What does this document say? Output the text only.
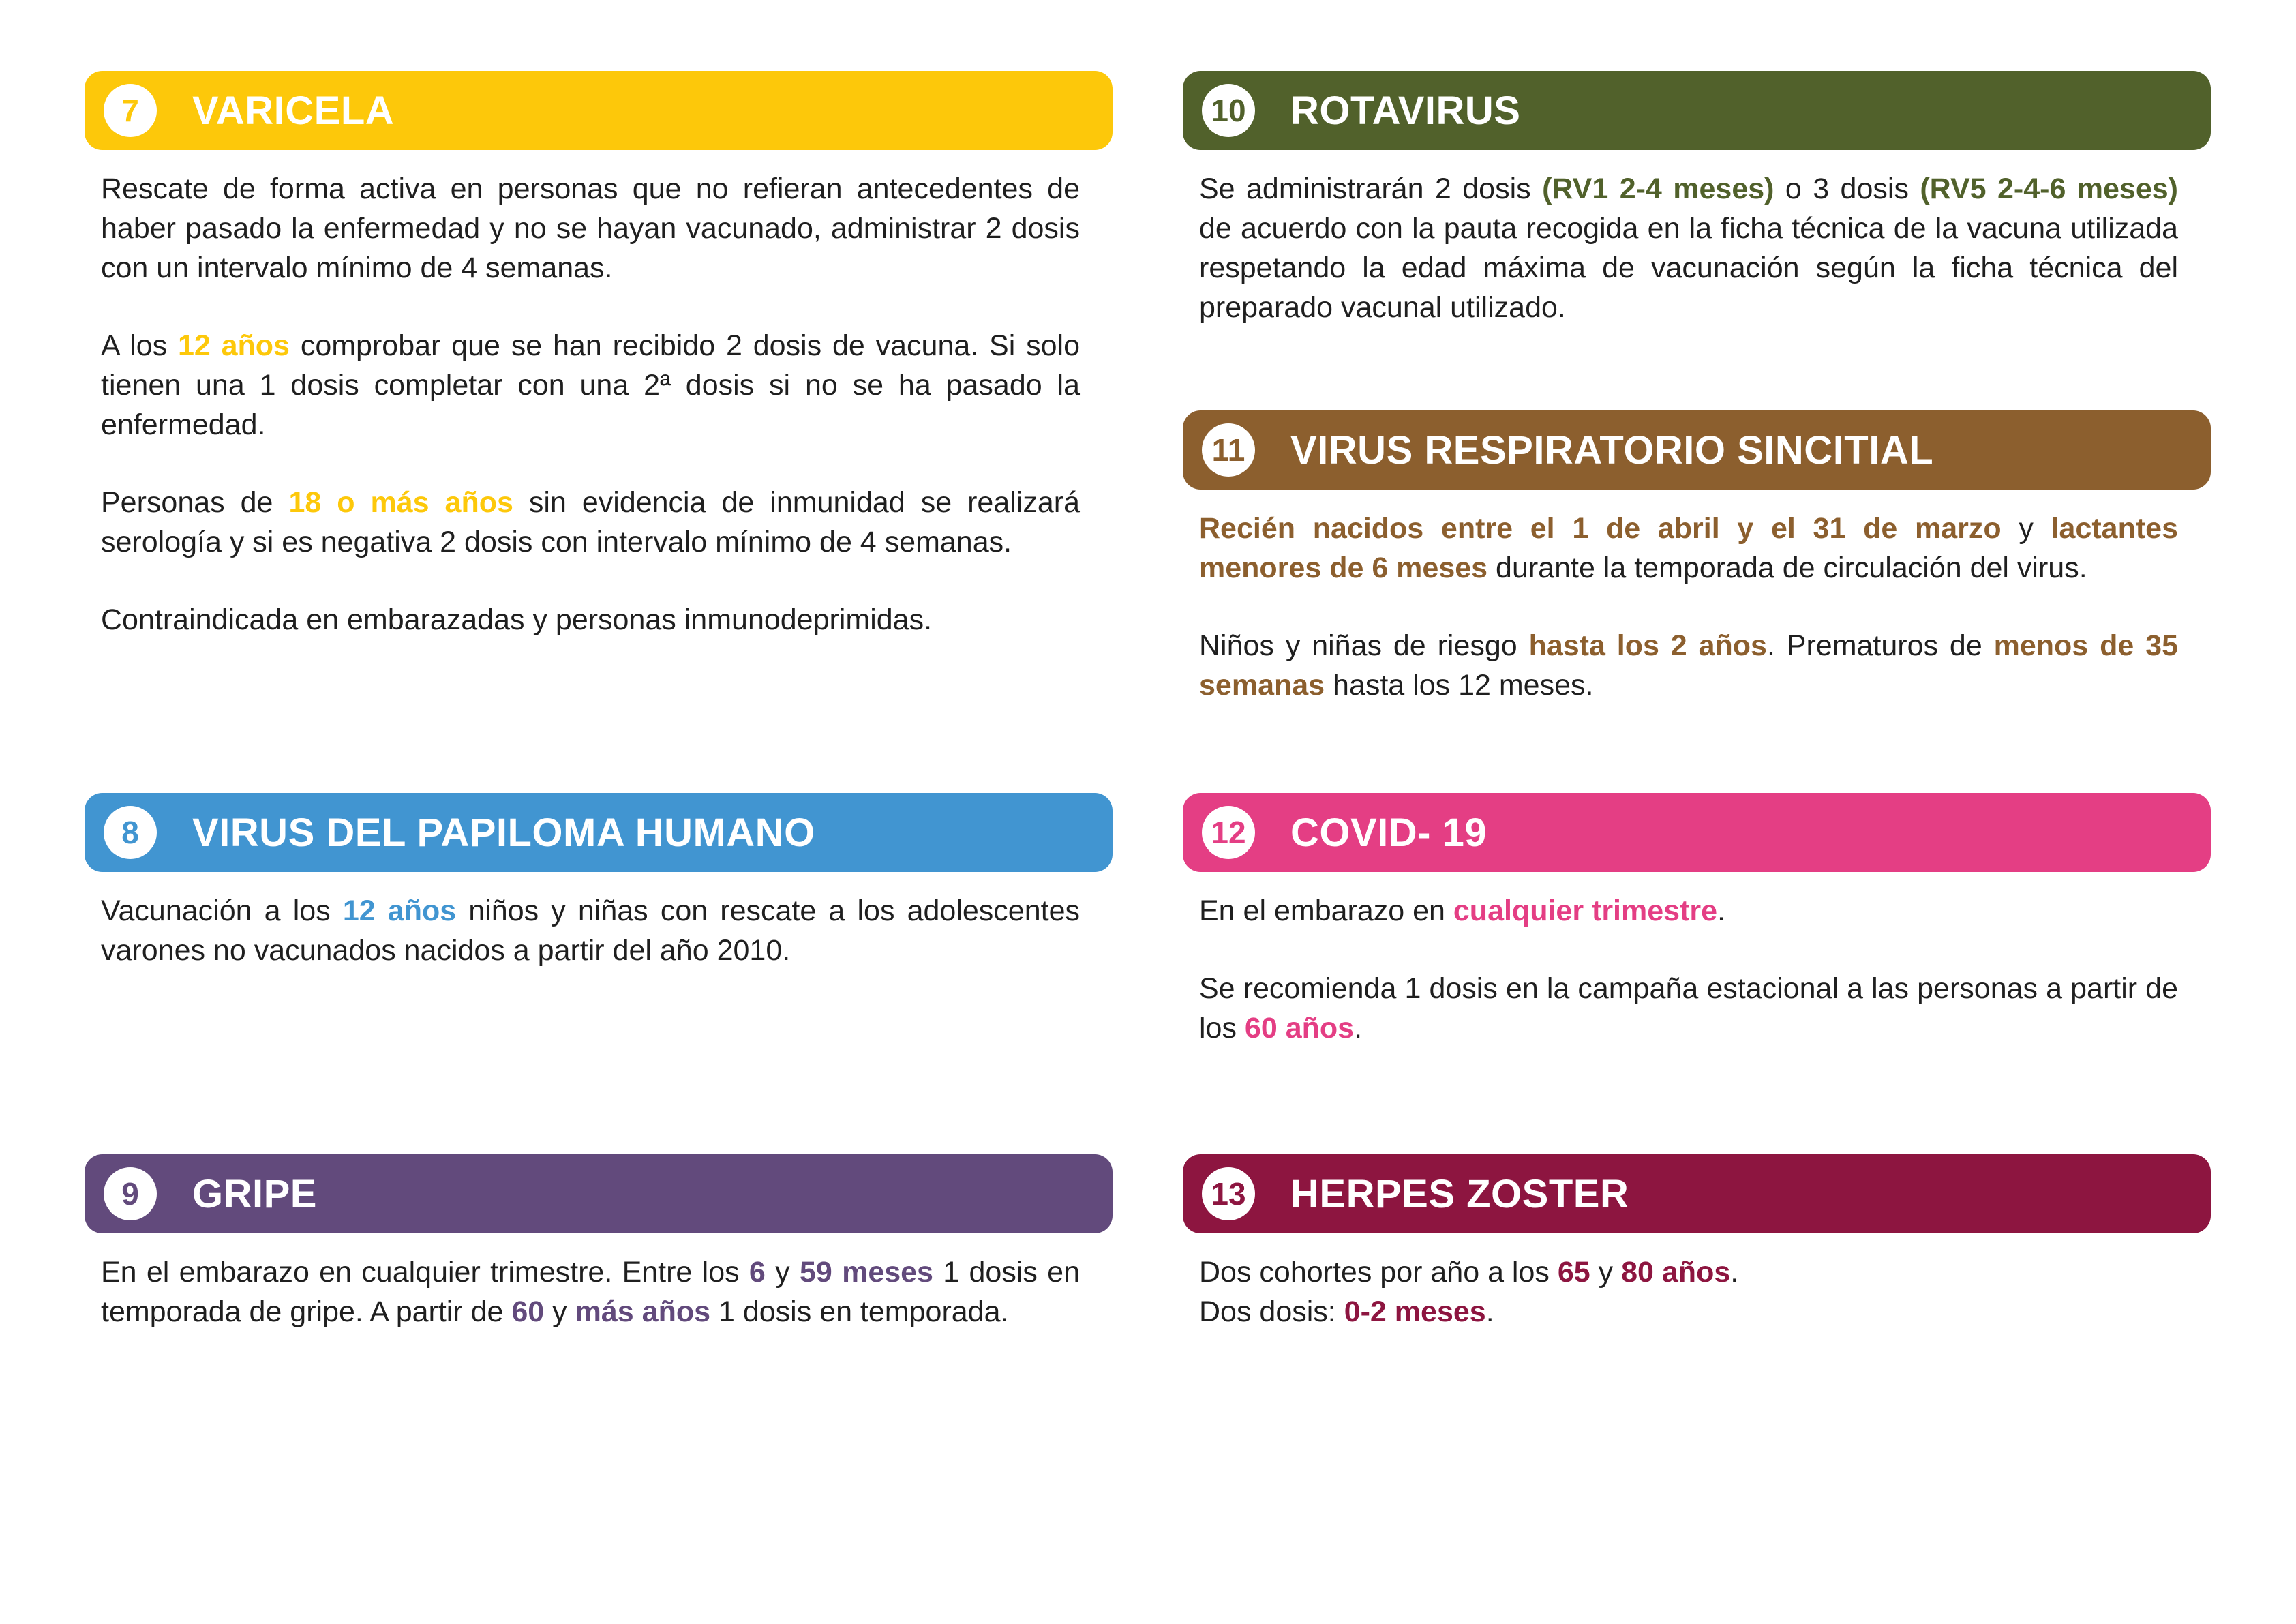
7	VARICELA

Rescate de forma activa en personas que no refieran antecedentes de haber pasado la enfermedad y no se hayan vacunado, administrar 2 dosis con un intervalo mínimo de 4 semanas.

A los 12 años comprobar que se han recibido 2 dosis de vacuna. Si solo tienen una 1 dosis completar con una 2ª dosis si no se ha pasado la enfermedad.

Personas de 18 o más años sin evidencia de inmunidad se realizará serología y si es negativa 2 dosis con intervalo mínimo de 4 semanas.

Contraindicada en embarazadas y personas inmunodeprimidas.

8	VIRUS DEL PAPILOMA HUMANO

Vacunación a los 12 años niños y niñas con rescate a los adolescentes varones no vacunados nacidos a partir del año 2010.

9	GRIPE

En el embarazo en cualquier trimestre. Entre los 6 y 59 meses 1 dosis en temporada de gripe. A partir de 60 y más años 1 dosis en temporada.

10 ROTAVIRUS

Se administrarán 2 dosis (RV1 2-4 meses) o 3 dosis (RV5 2-4-6 meses) de acuerdo con la pauta recogida en la ficha técnica de la vacuna utilizada respetando la edad máxima de vacunación según la ficha técnica del preparado vacunal utilizado.

11 VIRUS RESPIRATORIO SINCITIAL

Recién nacidos entre el 1 de abril y el 31 de marzo y lactantes menores de 6 meses durante la temporada de circulación del virus.

Niños y niñas de riesgo hasta los 2 años. Prematuros de menos de 35 semanas hasta los 12 meses.

12 COVID- 19

En el embarazo en cualquier trimestre.

Se recomienda 1 dosis en la campaña estacional a las personas a partir de los 60 años.

13 HERPES ZOSTER

Dos cohortes por año a los 65 y 80 años.
Dos dosis: 0-2 meses.
